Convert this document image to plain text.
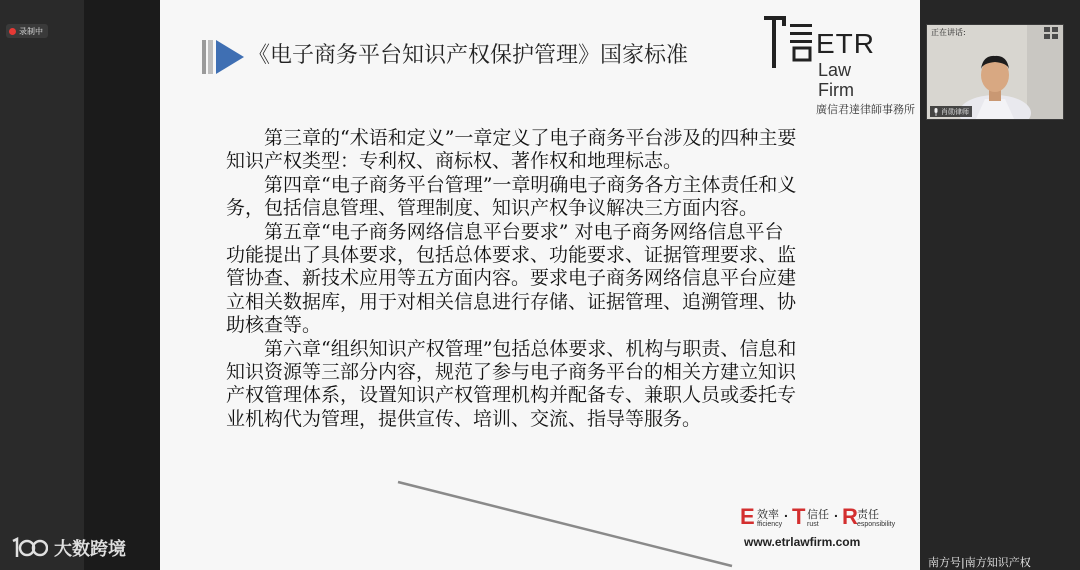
录制中
《电子商务平台知识产权保护管理》国家标准	ETR
Law
Firm
廣信君達律師事務所

　　第三章的“术语和定义”一章定义了电子商务平台涉及的四种主要知识产权类型：专利权、商标权、著作权和地理标志。

　　第四章“电子商务平台管理”一章明确电子商务各方主体责任和义务，包括信息管理、管理制度、知识产权争议解决三方面内容。

　　第五章“电子商务网络信息平台要求” 对电子商务网络信息平台功能提出了具体要求，包括总体要求、功能要求、证据管理要求、监管协查、新技术应用等五方面内容。要求电子商务网络信息平台应建立相关数据库，用于对相关信息进行存储、证据管理、追溯管理、协助核查等。

　　第六章“组织知识产权管理”包括总体要求、机构与职责、信息和知识资源等三部分内容，规范了参与电子商务平台的相关方建立知识产权管理体系，设置知识产权管理机构并配备专、兼职人员或委托专业机构代为管理，提供宣传、培训、交流、指导等服务。

E 效率
fficiency
. T 信任
rust
. R 责任
esponsibility
www.etrlawfirm.com
正在讲话:
肖勋律师
大数跨境
南方号|南方知识产权
